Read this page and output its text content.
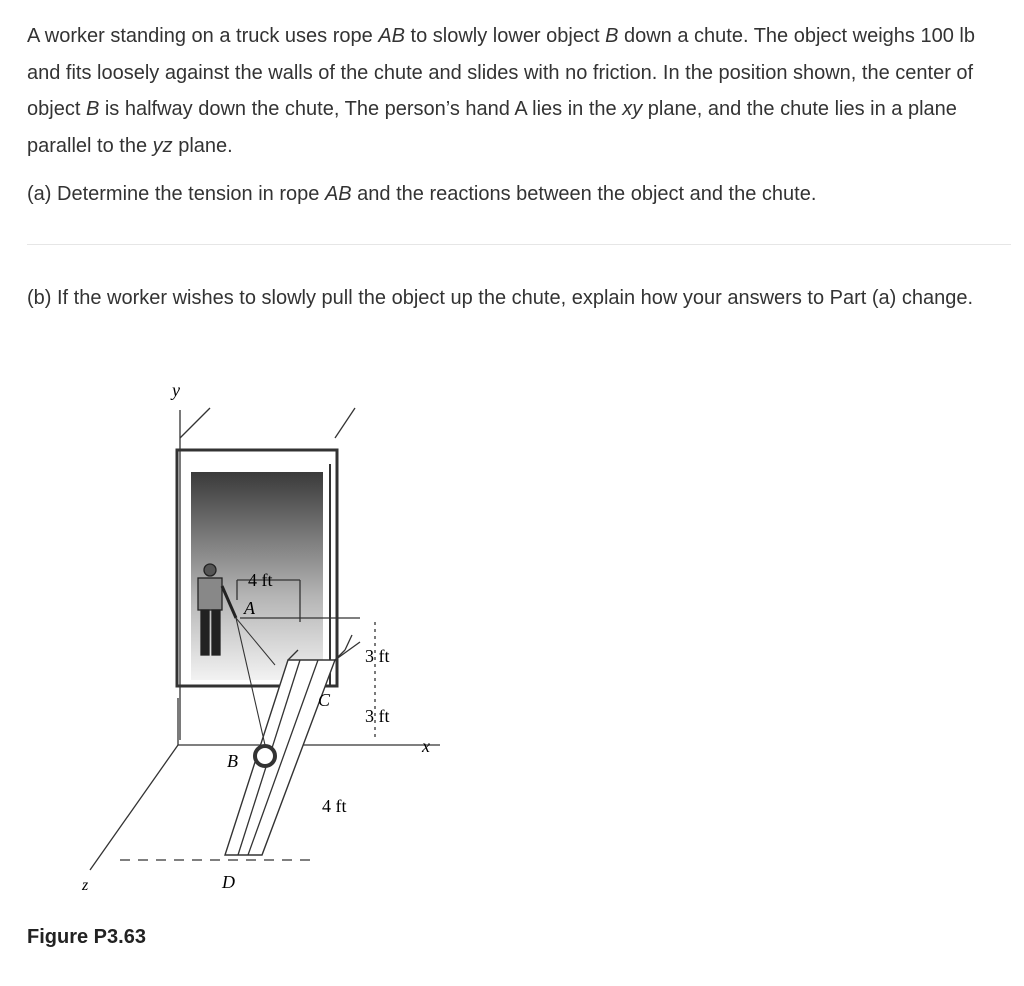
A worker standing on a truck uses rope AB to slowly lower object B down a chute. The object weighs 100 lb and fits loosely against the walls of the chute and slides with no friction. In the position shown, the center of object B is halfway down the chute, The person’s hand A lies in the xy plane, and the chute lies in a plane parallel to the yz plane.

(a) Determine the tension in rope AB and the reactions between the object and the chute.

(b) If the worker wishes to slowly pull the object up the chute, explain how your answers to Part (a) change.

y
x
z
4 ft
A
3 ft
3 ft
C
B
4 ft
D
Figure P3.63
